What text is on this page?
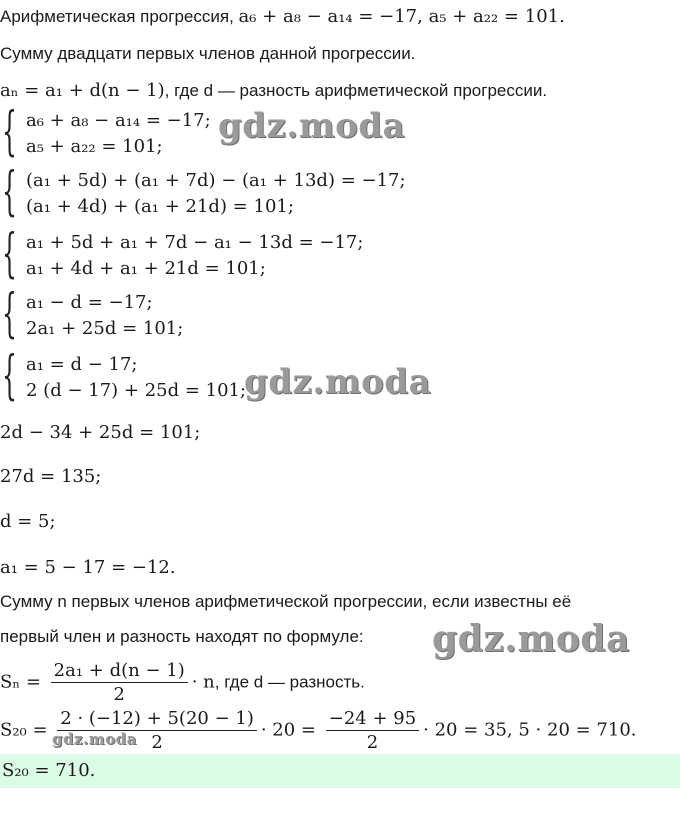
Арифметическая прогрессия, a₆ + a₈ − a₁₄ = −17, a₅ + a₂₂ = 101.
Сумму двадцати первых членов данной прогрессии.
aₙ = a₁ + d(n − 1), где d — разность арифметической прогрессии.
{ a₆ + a₈ − a₁₄ = −17;
a₅ + a₂₂ = 101;
{ (a₁ + 5d) + (a₁ + 7d) − (a₁ + 13d) = −17;
(a₁ + 4d) + (a₁ + 21d) = 101;
{ a₁ + 5d + a₁ + 7d − a₁ − 13d = −17;
a₁ + 4d + a₁ + 21d = 101;
{ a₁ − d = −17;
2a₁ + 25d = 101;
{ a₁ = d − 17;
2 (d − 17) + 25d = 101;
2d − 34 + 25d = 101;
27d = 135;
d = 5;
a₁ = 5 − 17 = −12.
Сумму n первых членов арифметической прогрессии, если известны её
первый член и разность находят по формуле:
$S_n = \frac{\text{2a₁ + d(n − 1)}}{2} \cdot n$, где d — разность.
$S_{20} = \frac{2 \cdot (-12) + 5(20 - 1)}{2} \cdot 20 = \frac{-24 + 95}{2} \cdot 20 = 35$, 5 · 20 = 710.
S₂₀ = 710.
gdz.moda
gdz.moda
gdz.moda
gdz.moda
